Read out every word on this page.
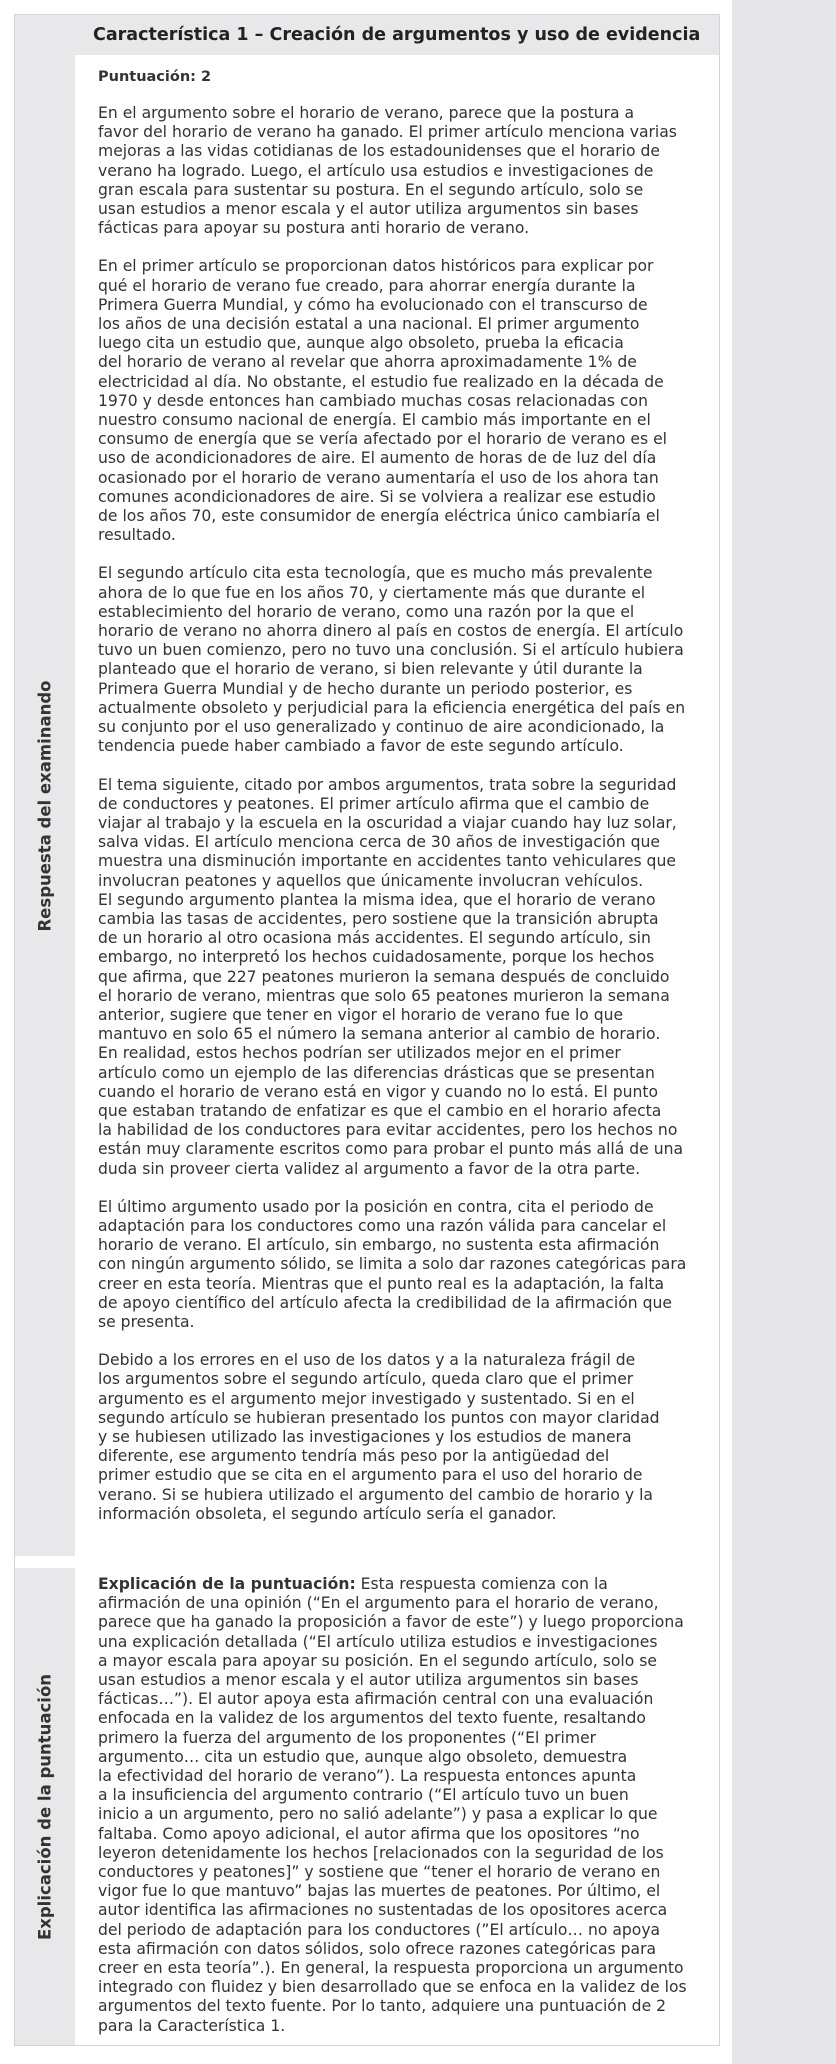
Característica 1 – Creación de argumentos y uso de evidencia
Respuesta del examinando
Puntuación: 2

En el argumento sobre el horario de verano, parece que la postura a
favor del horario de verano ha ganado. El primer artículo menciona varias
mejoras a las vidas cotidianas de los estadounidenses que el horario de
verano ha logrado. Luego, el artículo usa estudios e investigaciones de
gran escala para sustentar su postura. En el segundo artículo, solo se
usan estudios a menor escala y el autor utiliza argumentos sin bases
fácticas para apoyar su postura anti horario de verano.

En el primer artículo se proporcionan datos históricos para explicar por
qué el horario de verano fue creado, para ahorrar energía durante la
Primera Guerra Mundial, y cómo ha evolucionado con el transcurso de
los años de una decisión estatal a una nacional. El primer argumento
luego cita un estudio que, aunque algo obsoleto, prueba la eficacia
del horario de verano al revelar que ahorra aproximadamente 1% de
electricidad al día. No obstante, el estudio fue realizado en la década de
1970 y desde entonces han cambiado muchas cosas relacionadas con
nuestro consumo nacional de energía. El cambio más importante en el
consumo de energía que se vería afectado por el horario de verano es el
uso de acondicionadores de aire. El aumento de horas de de luz del día
ocasionado por el horario de verano aumentaría el uso de los ahora tan
comunes acondicionadores de aire. Si se volviera a realizar ese estudio
de los años 70, este consumidor de energía eléctrica único cambiaría el
resultado.

El segundo artículo cita esta tecnología, que es mucho más prevalente
ahora de lo que fue en los años 70, y ciertamente más que durante el
establecimiento del horario de verano, como una razón por la que el
horario de verano no ahorra dinero al país en costos de energía. El artículo
tuvo un buen comienzo, pero no tuvo una conclusión. Si el artículo hubiera
planteado que el horario de verano, si bien relevante y útil durante la
Primera Guerra Mundial y de hecho durante un periodo posterior, es
actualmente obsoleto y perjudicial para la eficiencia energética del país en
su conjunto por el uso generalizado y continuo de aire acondicionado, la
tendencia puede haber cambiado a favor de este segundo artículo.

El tema siguiente, citado por ambos argumentos, trata sobre la seguridad
de conductores y peatones. El primer artículo afirma que el cambio de
viajar al trabajo y la escuela en la oscuridad a viajar cuando hay luz solar,
salva vidas. El artículo menciona cerca de 30 años de investigación que
muestra una disminución importante en accidentes tanto vehiculares que
involucran peatones y aquellos que únicamente involucran vehículos.
El segundo argumento plantea la misma idea, que el horario de verano
cambia las tasas de accidentes, pero sostiene que la transición abrupta
de un horario al otro ocasiona más accidentes. El segundo artículo, sin
embargo, no interpretó los hechos cuidadosamente, porque los hechos
que afirma, que 227 peatones murieron la semana después de concluido
el horario de verano, mientras que solo 65 peatones murieron la semana
anterior, sugiere que tener en vigor el horario de verano fue lo que
mantuvo en solo 65 el número la semana anterior al cambio de horario.
En realidad, estos hechos podrían ser utilizados mejor en el primer
artículo como un ejemplo de las diferencias drásticas que se presentan
cuando el horario de verano está en vigor y cuando no lo está. El punto
que estaban tratando de enfatizar es que el cambio en el horario afecta
la habilidad de los conductores para evitar accidentes, pero los hechos no
están muy claramente escritos como para probar el punto más allá de una
duda sin proveer cierta validez al argumento a favor de la otra parte.

El último argumento usado por la posición en contra, cita el periodo de
adaptación para los conductores como una razón válida para cancelar el
horario de verano. El artículo, sin embargo, no sustenta esta afirmación
con ningún argumento sólido, se limita a solo dar razones categóricas para
creer en esta teoría. Mientras que el punto real es la adaptación, la falta
de apoyo científico del artículo afecta la credibilidad de la afirmación que
se presenta.

Debido a los errores en el uso de los datos y a la naturaleza frágil de
los argumentos sobre el segundo artículo, queda claro que el primer
argumento es el argumento mejor investigado y sustentado. Si en el
segundo artículo se hubieran presentado los puntos con mayor claridad
y se hubiesen utilizado las investigaciones y los estudios de manera
diferente, ese argumento tendría más peso por la antigüedad del
primer estudio que se cita en el argumento para el uso del horario de
verano. Si se hubiera utilizado el argumento del cambio de horario y la
información obsoleta, el segundo artículo sería el ganador.

Explicación de la puntuación

Explicación de la puntuación: Esta respuesta comienza con la
afirmación de una opinión (“En el argumento para el horario de verano,
parece que ha ganado la proposición a favor de este”) y luego proporciona
una explicación detallada (“El artículo utiliza estudios e investigaciones
a mayor escala para apoyar su posición. En el segundo artículo, solo se
usan estudios a menor escala y el autor utiliza argumentos sin bases
fácticas…”). El autor apoya esta afirmación central con una evaluación
enfocada en la validez de los argumentos del texto fuente, resaltando
primero la fuerza del argumento de los proponentes (“El primer
argumento… cita un estudio que, aunque algo obsoleto, demuestra
la efectividad del horario de verano”). La respuesta entonces apunta
a la insuficiencia del argumento contrario (“El artículo tuvo un buen
inicio a un argumento, pero no salió adelante”) y pasa a explicar lo que
faltaba. Como apoyo adicional, el autor afirma que los opositores “no
leyeron detenidamente los hechos [relacionados con la seguridad de los
conductores y peatones]” y sostiene que “tener el horario de verano en
vigor fue lo que mantuvo” bajas las muertes de peatones. Por último, el
autor identifica las afirmaciones no sustentadas de los opositores acerca
del periodo de adaptación para los conductores (”El artículo… no apoya
esta afirmación con datos sólidos, solo ofrece razones categóricas para
creer en esta teoría”.). En general, la respuesta proporciona un argumento
integrado con fluidez y bien desarrollado que se enfoca en la validez de los
argumentos del texto fuente. Por lo tanto, adquiere una puntuación de 2
para la Característica 1.
